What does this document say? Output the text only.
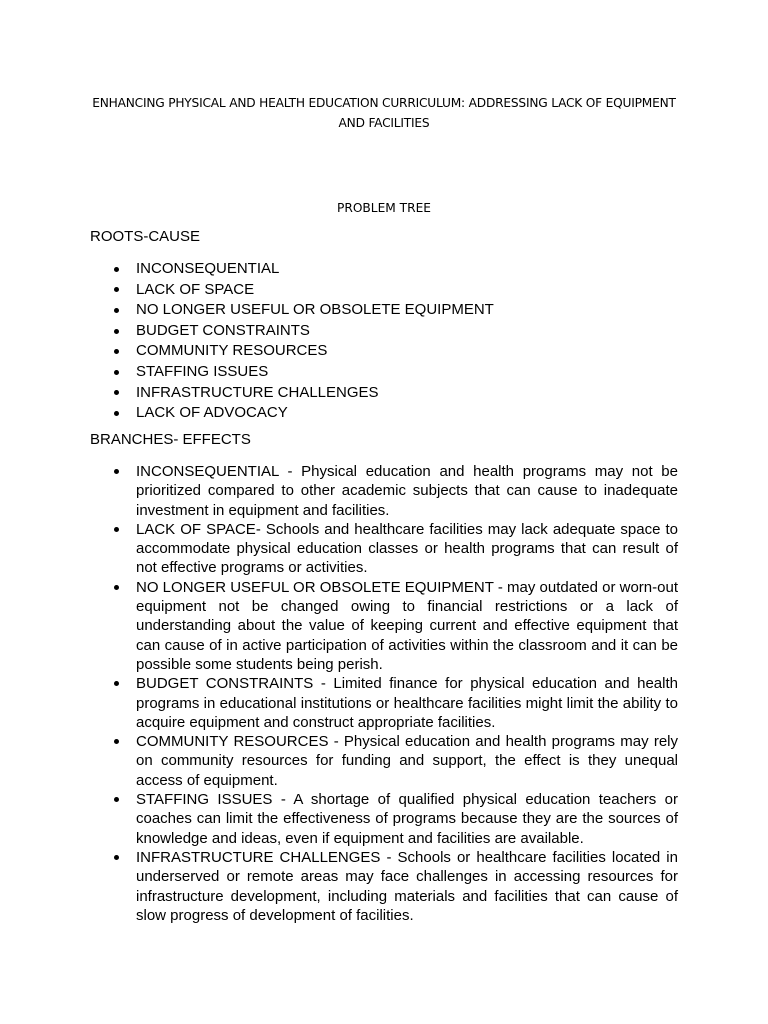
ENHANCING PHYSICAL AND HEALTH EDUCATION CURRICULUM: ADDRESSING LACK OF EQUIPMENT AND FACILITIES
PROBLEM TREE
ROOTS-CAUSE
INCONSEQUENTIAL
LACK OF SPACE
NO LONGER USEFUL OR OBSOLETE EQUIPMENT
BUDGET CONSTRAINTS
COMMUNITY RESOURCES
STAFFING ISSUES
INFRASTRUCTURE CHALLENGES
LACK OF ADVOCACY
BRANCHES- EFFECTS
INCONSEQUENTIAL - Physical education and health programs may not be prioritized compared to other academic subjects that can cause to inadequate investment in equipment and facilities.
LACK OF SPACE- Schools and healthcare facilities may lack adequate space to accommodate physical education classes or health programs that can result of not effective programs or activities.
NO LONGER USEFUL OR OBSOLETE EQUIPMENT - may outdated or worn-out equipment not be changed owing to financial restrictions or a lack of understanding about the value of keeping current and effective equipment that can cause of in active participation of activities within the classroom and it can be possible some students being perish.
BUDGET CONSTRAINTS - Limited finance for physical education and health programs in educational institutions or healthcare facilities might limit the ability to acquire equipment and construct appropriate facilities.
COMMUNITY RESOURCES - Physical education and health programs may rely on community resources for funding and support, the effect is they unequal access of equipment.
STAFFING ISSUES - A shortage of qualified physical education teachers or coaches can limit the effectiveness of programs because they are the sources of knowledge and ideas, even if equipment and facilities are available.
INFRASTRUCTURE CHALLENGES - Schools or healthcare facilities located in underserved or remote areas may face challenges in accessing resources for infrastructure development, including materials and facilities that can cause of slow progress of development of facilities.
